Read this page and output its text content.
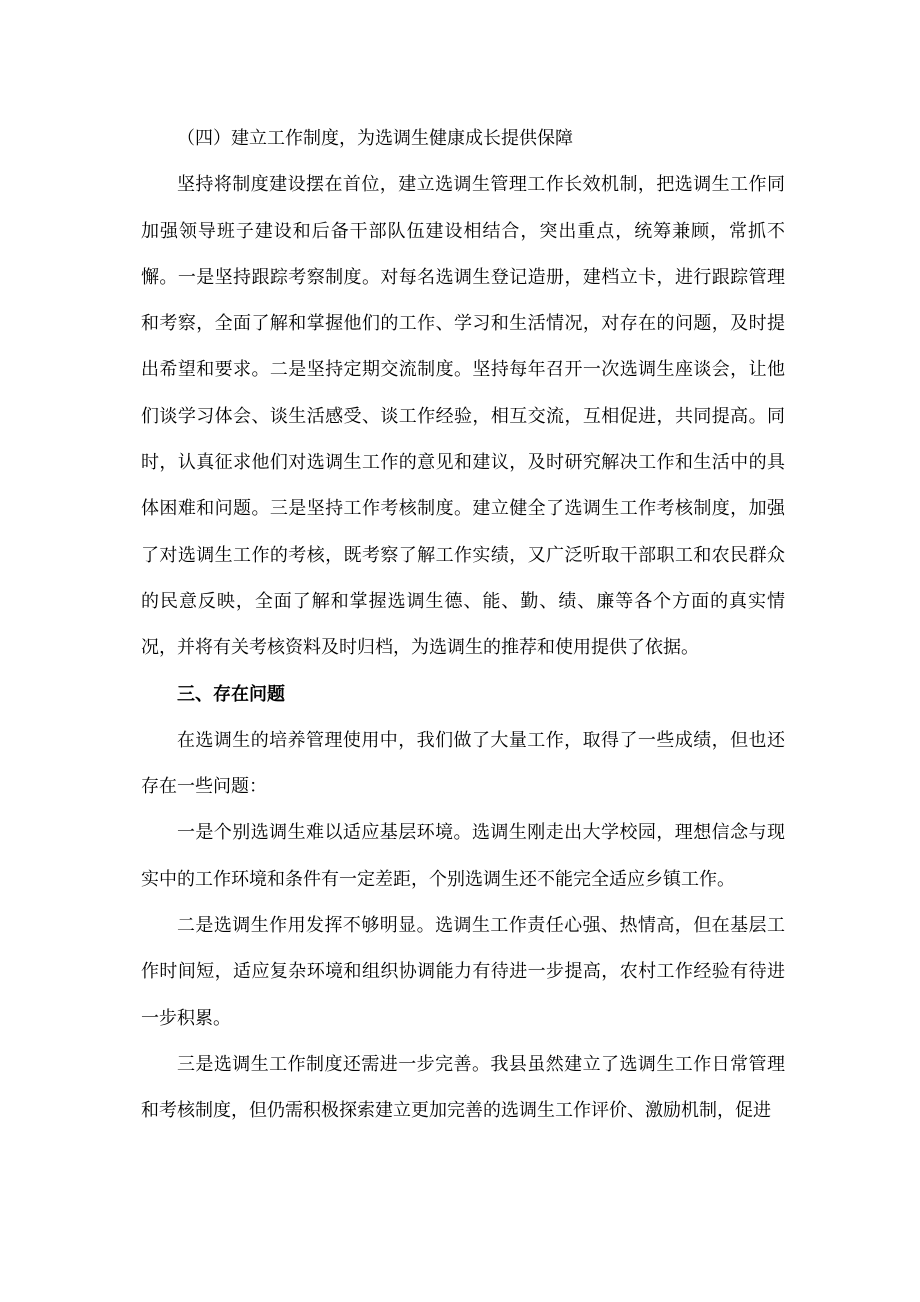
（四）建立工作制度，为选调生健康成长提供保障

坚持将制度建设摆在首位，建立选调生管理工作长效机制，把选调生工作同加强领导班子建设和后备干部队伍建设相结合，突出重点，统筹兼顾，常抓不懈。一是坚持跟踪考察制度。对每名选调生登记造册，建档立卡，进行跟踪管理和考察，全面了解和掌握他们的工作、学习和生活情况，对存在的问题，及时提出希望和要求。二是坚持定期交流制度。坚持每年召开一次选调生座谈会，让他们谈学习体会、谈生活感受、谈工作经验，相互交流，互相促进，共同提高。同时，认真征求他们对选调生工作的意见和建议，及时研究解决工作和生活中的具体困难和问题。三是坚持工作考核制度。建立健全了选调生工作考核制度，加强了对选调生工作的考核，既考察了解工作实绩，又广泛听取干部职工和农民群众的民意反映，全面了解和掌握选调生德、能、勤、绩、廉等各个方面的真实情况，并将有关考核资料及时归档，为选调生的推荐和使用提供了依据。

三、存在问题

在选调生的培养管理使用中，我们做了大量工作，取得了一些成绩，但也还存在一些问题：

一是个别选调生难以适应基层环境。选调生刚走出大学校园，理想信念与现实中的工作环境和条件有一定差距，个别选调生还不能完全适应乡镇工作。

二是选调生作用发挥不够明显。选调生工作责任心强、热情高，但在基层工作时间短，适应复杂环境和组织协调能力有待进一步提高，农村工作经验有待进一步积累。

三是选调生工作制度还需进一步完善。我县虽然建立了选调生工作日常管理和考核制度，但仍需积极探索建立更加完善的选调生工作评价、激励机制，促进
